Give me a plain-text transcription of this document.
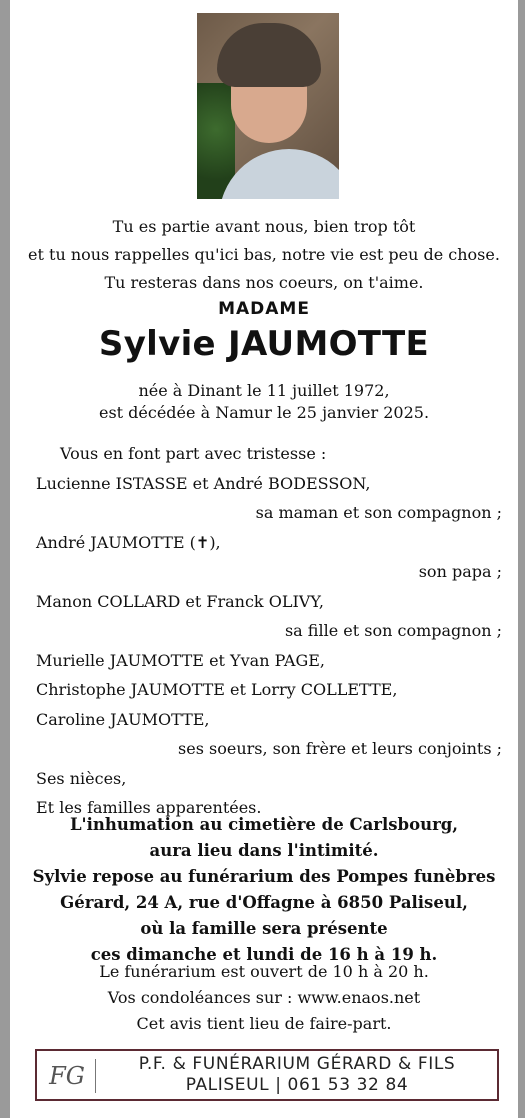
Tu es partie avant nous, bien trop tôt
et tu nous rappelles qu'ici bas, notre vie est peu de chose.
Tu resteras dans nos coeurs, on t'aime.
MADAME
Sylvie JAUMOTTE
née à Dinant le 11 juillet 1972,
est décédée à Namur le 25 janvier 2025.
Vous en font part avec tristesse :
Lucienne ISTASSE et André BODESSON,
sa maman et son compagnon ;
André JAUMOTTE (✝),
son papa ;
Manon COLLARD et Franck OLIVY,
sa fille et son compagnon ;
Murielle JAUMOTTE et Yvan PAGE,
Christophe JAUMOTTE et Lorry COLLETTE,
Caroline JAUMOTTE,
ses soeurs, son frère et leurs conjoints ;
Ses nièces,
Et les familles apparentées.
L'inhumation au cimetière de Carlsbourg,
aura lieu dans l'intimité.
Sylvie repose au funérarium des Pompes funèbres
Gérard, 24 A, rue d'Offagne à 6850 Paliseul,
où la famille sera présente
ces dimanche et lundi de 16 h à 19 h.
Le funérarium est ouvert de 10 h à 20 h.
Vos condoléances sur : www.enaos.net
Cet avis tient lieu de faire-part.
FG	P.F. & FUNÉRARIUM GÉRARD & FILS
PALISEUL | 061 53 32 84
